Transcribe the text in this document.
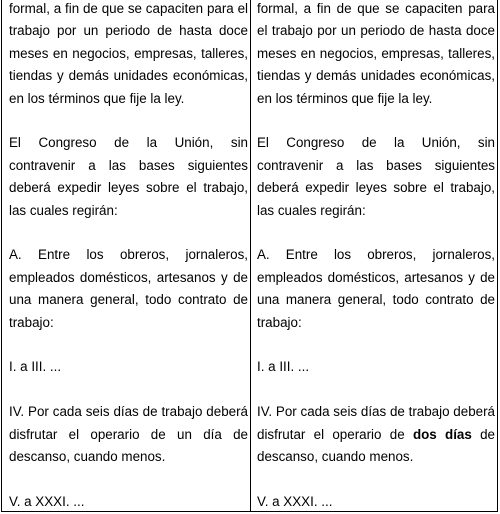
formal, a fin de que se capaciten para el trabajo por un periodo de hasta doce meses en negocios, empresas, talleres, tiendas y demás unidades económicas, en los términos que fije la ley.

El Congreso de la Unión, sin contravenir a las bases siguientes deberá expedir leyes sobre el trabajo, las cuales regirán:

A. Entre los obreros, jornaleros, empleados domésticos, artesanos y de una manera general, todo contrato de trabajo:

I. a III. ...

IV. Por cada seis días de trabajo deberá disfrutar el operario de un día de descanso, cuando menos.

V. a XXXI. ...

formal, a fin de que se capaciten para el trabajo por un periodo de hasta doce meses en negocios, empresas, talleres, tiendas y demás unidades económicas, en los términos que fije la ley.

El Congreso de la Unión, sin contravenir a las bases siguientes deberá expedir leyes sobre el trabajo, las cuales regirán:

A. Entre los obreros, jornaleros, empleados domésticos, artesanos y de una manera general, todo contrato de trabajo:

I. a III. ...

IV. Por cada seis días de trabajo deberá disfrutar el operario de dos días de descanso, cuando menos.

V. a XXXI. ...
